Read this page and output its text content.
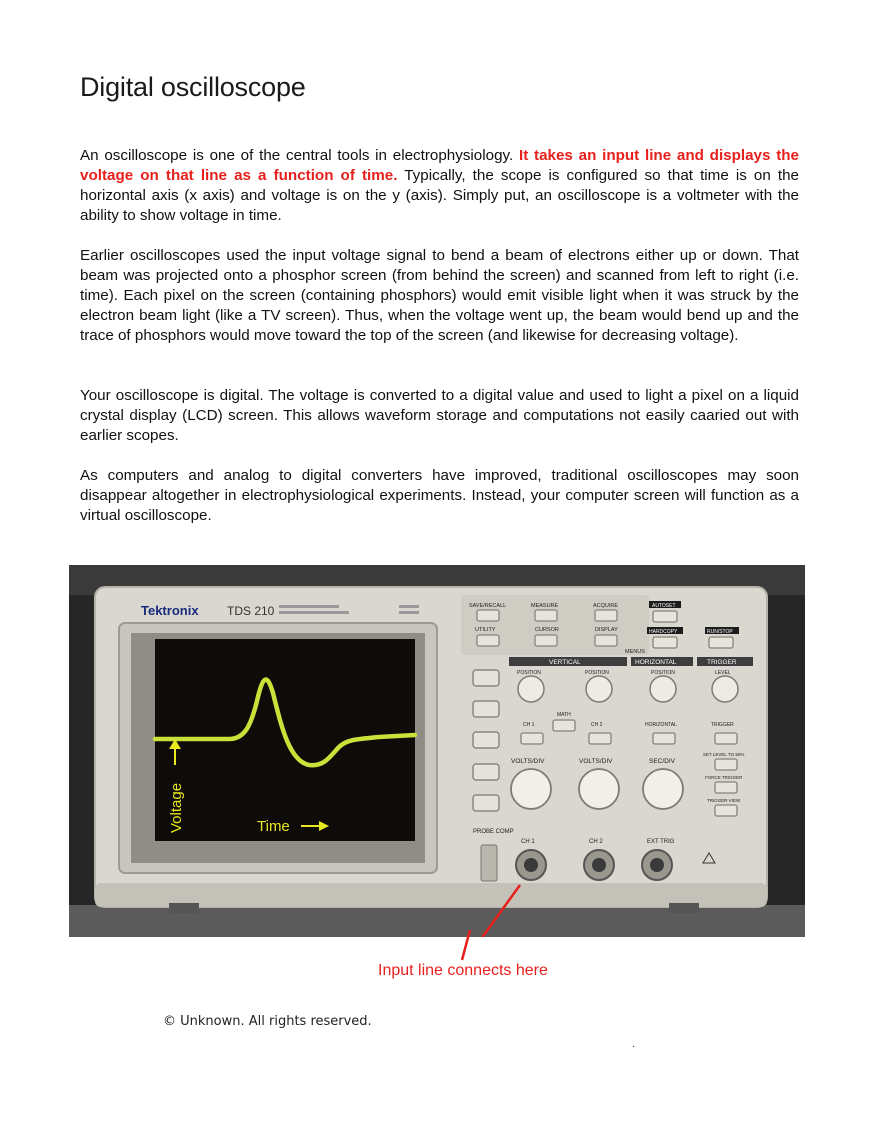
Digital oscilloscope

An oscilloscope is one of the central tools in electrophysiology. It takes an input line and displays the voltage on that line as a function of time. Typically, the scope is configured so that time is on the horizontal axis (x axis) and voltage is on the y (axis). Simply put, an oscilloscope is a voltmeter with the ability to show voltage in time.

Earlier oscilloscopes used the input voltage signal to bend a beam of electrons either up or down. That beam was projected onto a phosphor screen (from behind the screen) and scanned from left to right (i.e. time). Each pixel on the screen (containing phosphors) would emit visible light when it was struck by the electron beam light (like a TV screen). Thus, when the voltage went up, the beam would bend up and the trace of phosphors would move toward the top of the screen (and likewise for decreasing voltage).

Your oscilloscope is digital. The voltage is converted to a digital value and used to light a pixel on a liquid crystal display (LCD) screen. This allows waveform storage and computations not easily caaried out with earlier scopes.

As computers and analog to digital converters have improved, traditional oscilloscopes may soon disappear altogether in electrophysiological experiments. Instead, your computer screen will function as a virtual oscilloscope.

Tektronix TDS 210
Voltage	Time
SAVE/RECALL	MEASURE	ACQUIRE
UTILITY	CURSOR	DISPLAY
MENUS
AUTOSET
HARDCOPY	RUN/STOP
VERTICAL	HORIZONTAL	TRIGGER
POSITION	POSITION	POSITION	LEVEL
MATH
CH 1	CH 2	HORIZONTAL	TRIGGER
VOLTS/DIV	VOLTS/DIV	SEC/DIV
SET LEVEL TO 50%
FORCE TRIGGER
TRIGGER VIEW
PROBE COMP
CH 1	CH 2	EXT TRIG
Input line connects here
© Unknown. All rights reserved.
.
